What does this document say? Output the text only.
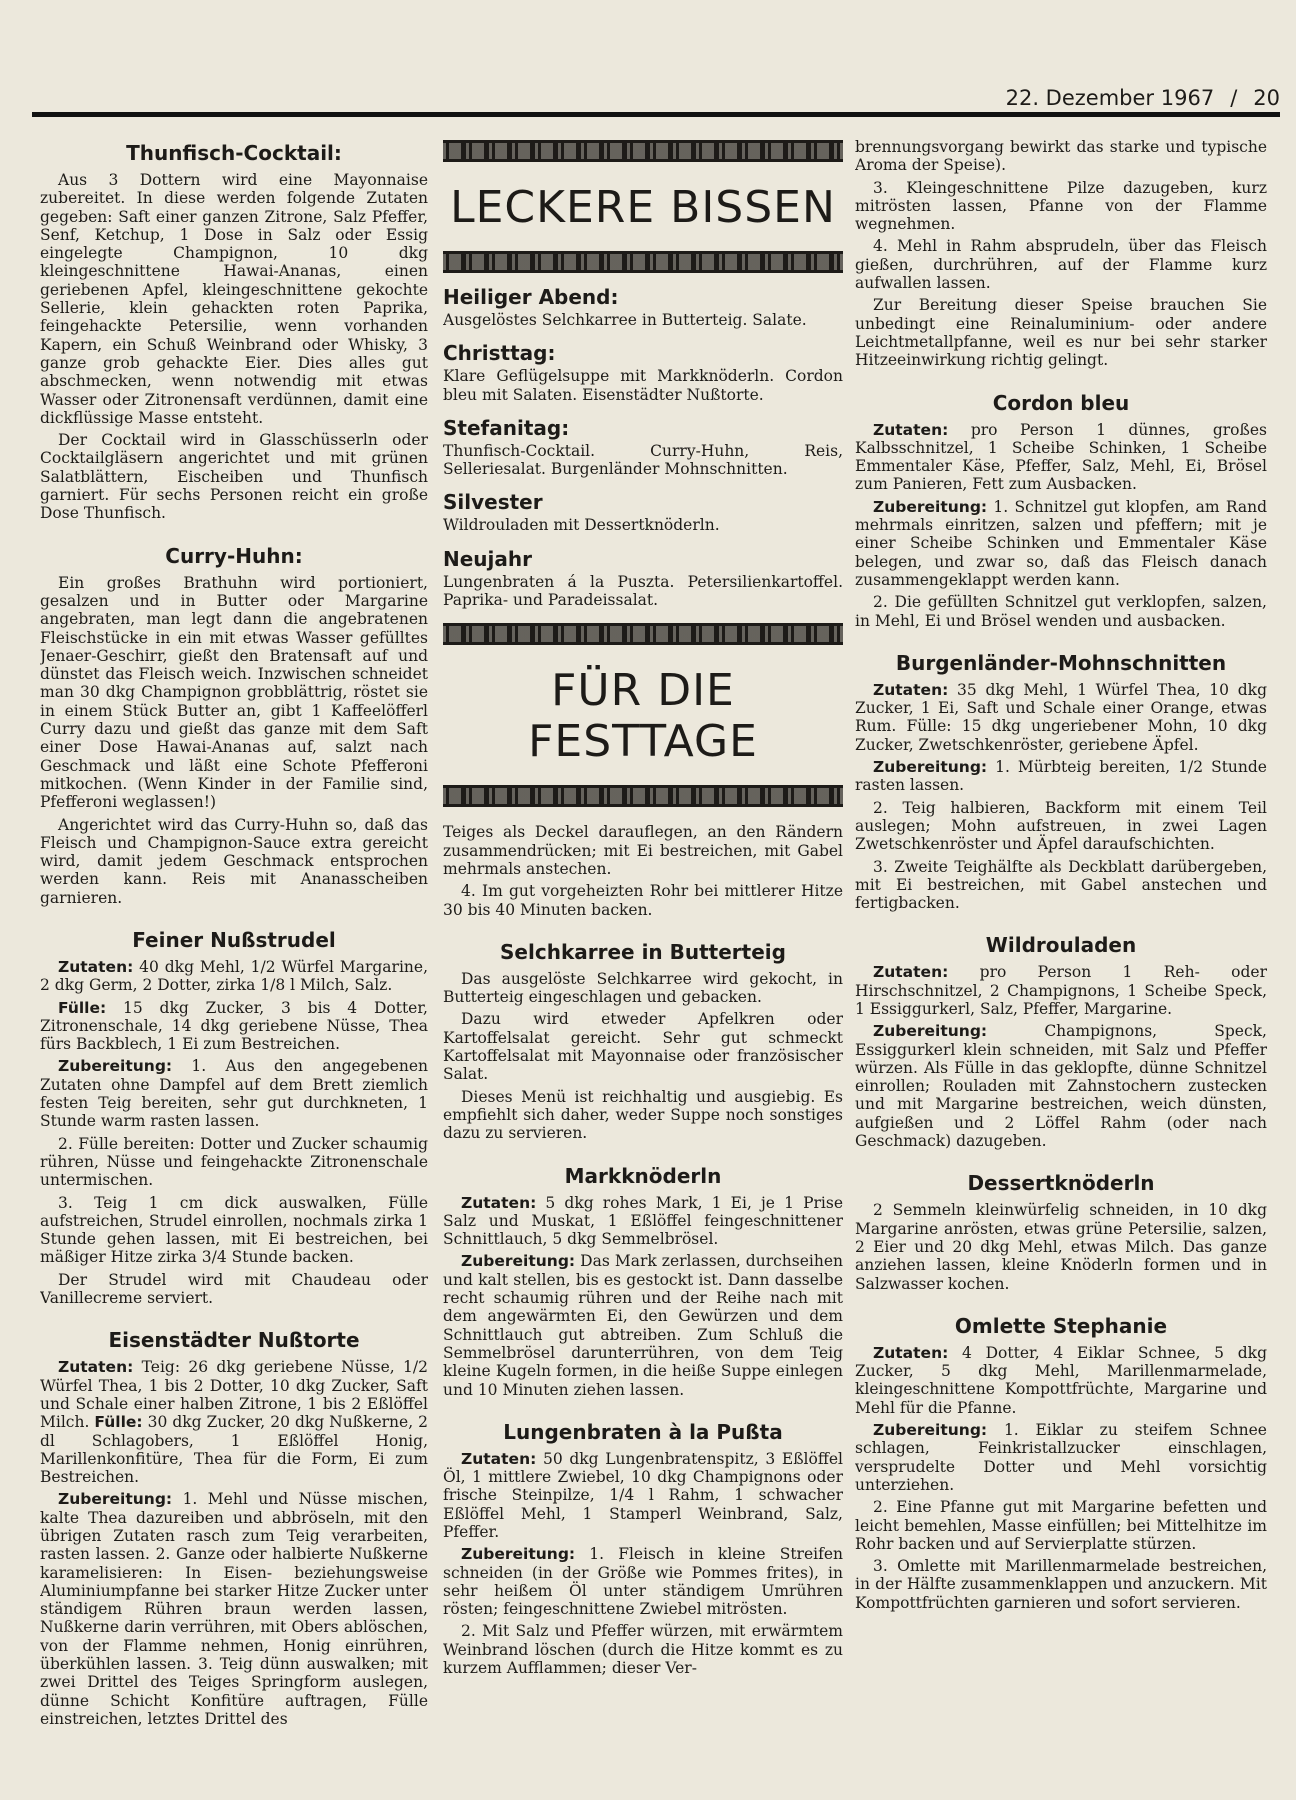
22. Dezember 1967 / 20
Thunfisch-Cocktail:

Aus 3 Dottern wird eine Mayonnaise zubereitet. In diese werden folgende Zutaten gegeben: Saft einer ganzen Zitrone, Salz Pfeffer, Senf, Ketchup, 1 Dose in Salz oder Essig eingelegte Champignon, 10 dkg kleingeschnittene Hawai-Ananas, einen geriebenen Apfel, kleingeschnittene gekochte Sellerie, klein gehackten roten Paprika, feingehackte Petersilie, wenn vorhanden Kapern, ein Schuß Weinbrand oder Whisky, 3 ganze grob gehackte Eier. Dies alles gut abschmecken, wenn notwendig mit etwas Wasser oder Zitronensaft verdünnen, damit eine dickflüssige Masse entsteht.

Der Cocktail wird in Glasschüsserln oder Cocktailgläsern angerichtet und mit grünen Salatblättern, Eischeiben und Thunfisch garniert. Für sechs Personen reicht ein große Dose Thunfisch.

Curry-Huhn:

Ein großes Brathuhn wird portioniert, gesalzen und in Butter oder Margarine angebraten, man legt dann die angebratenen Fleischstücke in ein mit etwas Wasser gefülltes Jenaer-Geschirr, gießt den Bratensaft auf und dünstet das Fleisch weich. Inzwischen schneidet man 30 dkg Champignon grobblättrig, röstet sie in einem Stück Butter an, gibt 1 Kaffeelöfferl Curry dazu und gießt das ganze mit dem Saft einer Dose Hawai-Ananas auf, salzt nach Geschmack und läßt eine Schote Pfefferoni mitkochen. (Wenn Kinder in der Familie sind, Pfefferoni weglassen!)

Angerichtet wird das Curry-Huhn so, daß das Fleisch und Champignon-Sauce extra gereicht wird, damit jedem Geschmack entsprochen werden kann. Reis mit Ananasscheiben garnieren.

Feiner Nußstrudel

Zutaten: 40 dkg Mehl, 1/2 Würfel Margarine, 2 dkg Germ, 2 Dotter, zirka 1/8 l Milch, Salz.

Fülle: 15 dkg Zucker, 3 bis 4 Dotter, Zitronenschale, 14 dkg geriebene Nüsse, Thea fürs Backblech, 1 Ei zum Bestreichen.

Zubereitung: 1. Aus den angegebenen Zutaten ohne Dampfel auf dem Brett ziemlich festen Teig bereiten, sehr gut durchkneten, 1 Stunde warm rasten lassen.

2. Fülle bereiten: Dotter und Zucker schaumig rühren, Nüsse und feingehackte Zitronenschale untermischen.

3. Teig 1 cm dick auswalken, Fülle aufstreichen, Strudel einrollen, nochmals zirka 1 Stunde gehen lassen, mit Ei bestreichen, bei mäßiger Hitze zirka 3/4 Stunde backen.

Der Strudel wird mit Chaudeau oder Vanillecreme serviert.

Eisenstädter Nußtorte

Zutaten: Teig: 26 dkg geriebene Nüsse, 1/2 Würfel Thea, 1 bis 2 Dotter, 10 dkg Zucker, Saft und Schale einer halben Zitrone, 1 bis 2 Eßlöffel Milch. Fülle: 30 dkg Zucker, 20 dkg Nußkerne, 2 dl Schlagobers, 1 Eßlöffel Honig, Marillenkonfitüre, Thea für die Form, Ei zum Bestreichen.

Zubereitung: 1. Mehl und Nüsse mischen, kalte Thea dazureiben und abbröseln, mit den übrigen Zutaten rasch zum Teig verarbeiten, rasten lassen. 2. Ganze oder halbierte Nußkerne karamelisieren: In Eisen- beziehungsweise Aluminiumpfanne bei starker Hitze Zucker unter ständigem Rühren braun werden lassen, Nußkerne darin verrühren, mit Obers ablöschen, von der Flamme nehmen, Honig einrühren, überkühlen lassen. 3. Teig dünn auswalken; mit zwei Drittel des Teiges Springform auslegen, dünne Schicht Konfitüre auftragen, Fülle einstreichen, letztes Drittel des

LECKERE BISSEN
Heiliger Abend:

Ausgelöstes Selchkarree in Butterteig. Salate.

Christtag:

Klare Geflügelsuppe mit Markknöderln. Cordon bleu mit Salaten. Eisenstädter Nußtorte.

Stefanitag:

Thunfisch-Cocktail. Curry-Huhn, Reis, Selleriesalat. Burgenländer Mohnschnitten.

Silvester

Wildrouladen mit Dessertknöderln.

Neujahr

Lungenbraten á la Puszta. Petersilienkartoffel. Paprika- und Paradeissalat.

FÜR DIE FESTTAGE

Teiges als Deckel darauflegen, an den Rändern zusammendrücken; mit Ei bestreichen, mit Gabel mehrmals anstechen.

4. Im gut vorgeheizten Rohr bei mittlerer Hitze 30 bis 40 Minuten backen.

Selchkarree in Butterteig

Das ausgelöste Selchkarree wird gekocht, in Butterteig eingeschlagen und gebacken.

Dazu wird etweder Apfelkren oder Kartoffelsalat gereicht. Sehr gut schmeckt Kartoffelsalat mit Mayonnaise oder französischer Salat.

Dieses Menü ist reichhaltig und ausgiebig. Es empfiehlt sich daher, weder Suppe noch sonstiges dazu zu servieren.

Markknöderln

Zutaten: 5 dkg rohes Mark, 1 Ei, je 1 Prise Salz und Muskat, 1 Eßlöffel feingeschnittener Schnittlauch, 5 dkg Semmelbrösel.

Zubereitung: Das Mark zerlassen, durchseihen und kalt stellen, bis es gestockt ist. Dann dasselbe recht schaumig rühren und der Reihe nach mit dem angewärmten Ei, den Gewürzen und dem Schnittlauch gut abtreiben. Zum Schluß die Semmelbrösel darunterrühren, von dem Teig kleine Kugeln formen, in die heiße Suppe einlegen und 10 Minuten ziehen lassen.

Lungenbraten à la Pußta

Zutaten: 50 dkg Lungenbratenspitz, 3 Eßlöffel Öl, 1 mittlere Zwiebel, 10 dkg Champignons oder frische Steinpilze, 1/4 l Rahm, 1 schwacher Eßlöffel Mehl, 1 Stamperl Weinbrand, Salz, Pfeffer.

Zubereitung: 1. Fleisch in kleine Streifen schneiden (in der Größe wie Pommes frites), in sehr heißem Öl unter ständigem Umrühren rösten; feingeschnittene Zwiebel mitrösten.

2. Mit Salz und Pfeffer würzen, mit erwärmtem Weinbrand löschen (durch die Hitze kommt es zu kurzem Aufflammen; dieser Ver-

brennungsvorgang bewirkt das starke und typische Aroma der Speise).

3. Kleingeschnittene Pilze dazugeben, kurz mitrösten lassen, Pfanne von der Flamme wegnehmen.

4. Mehl in Rahm absprudeln, über das Fleisch gießen, durchrühren, auf der Flamme kurz aufwallen lassen.

Zur Bereitung dieser Speise brauchen Sie unbedingt eine Reinaluminium- oder andere Leichtmetallpfanne, weil es nur bei sehr starker Hitzeeinwirkung richtig gelingt.

Cordon bleu

Zutaten: pro Person 1 dünnes, großes Kalbsschnitzel, 1 Scheibe Schinken, 1 Scheibe Emmentaler Käse, Pfeffer, Salz, Mehl, Ei, Brösel zum Panieren, Fett zum Ausbacken.

Zubereitung: 1. Schnitzel gut klopfen, am Rand mehrmals einritzen, salzen und pfeffern; mit je einer Scheibe Schinken und Emmentaler Käse belegen, und zwar so, daß das Fleisch danach zusammengeklappt werden kann.

2. Die gefüllten Schnitzel gut verklopfen, salzen, in Mehl, Ei und Brösel wenden und ausbacken.

Burgenländer-Mohnschnitten

Zutaten: 35 dkg Mehl, 1 Würfel Thea, 10 dkg Zucker, 1 Ei, Saft und Schale einer Orange, etwas Rum. Fülle: 15 dkg ungeriebener Mohn, 10 dkg Zucker, Zwetschkenröster, geriebene Äpfel.

Zubereitung: 1. Mürbteig bereiten, 1/2 Stunde rasten lassen.

2. Teig halbieren, Backform mit einem Teil auslegen; Mohn aufstreuen, in zwei Lagen Zwetschkenröster und Äpfel daraufschichten.

3. Zweite Teighälfte als Deckblatt darübergeben, mit Ei bestreichen, mit Gabel anstechen und fertigbacken.

Wildrouladen

Zutaten: pro Person 1 Reh- oder Hirschschnitzel, 2 Champignons, 1 Scheibe Speck, 1 Essiggurkerl, Salz, Pfeffer, Margarine.

Zubereitung: Champignons, Speck, Essiggurkerl klein schneiden, mit Salz und Pfeffer würzen. Als Fülle in das geklopfte, dünne Schnitzel einrollen; Rouladen mit Zahnstochern zustecken und mit Margarine bestreichen, weich dünsten, aufgießen und 2 Löffel Rahm (oder nach Geschmack) dazugeben.

Dessertknöderln

2 Semmeln kleinwürfelig schneiden, in 10 dkg Margarine anrösten, etwas grüne Petersilie, salzen, 2 Eier und 20 dkg Mehl, etwas Milch. Das ganze anziehen lassen, kleine Knöderln formen und in Salzwasser kochen.

Omlette Stephanie

Zutaten: 4 Dotter, 4 Eiklar Schnee, 5 dkg Zucker, 5 dkg Mehl, Marillenmarmelade, kleingeschnittene Kompottfrüchte, Margarine und Mehl für die Pfanne.

Zubereitung: 1. Eiklar zu steifem Schnee schlagen, Feinkristallzucker einschlagen, versprudelte Dotter und Mehl vorsichtig unterziehen.

2. Eine Pfanne gut mit Margarine befetten und leicht bemehlen, Masse einfüllen; bei Mittelhitze im Rohr backen und auf Servierplatte stürzen.

3. Omlette mit Marillenmarmelade bestreichen, in der Hälfte zusammenklappen und anzuckern. Mit Kompottfrüchten garnieren und sofort servieren.
